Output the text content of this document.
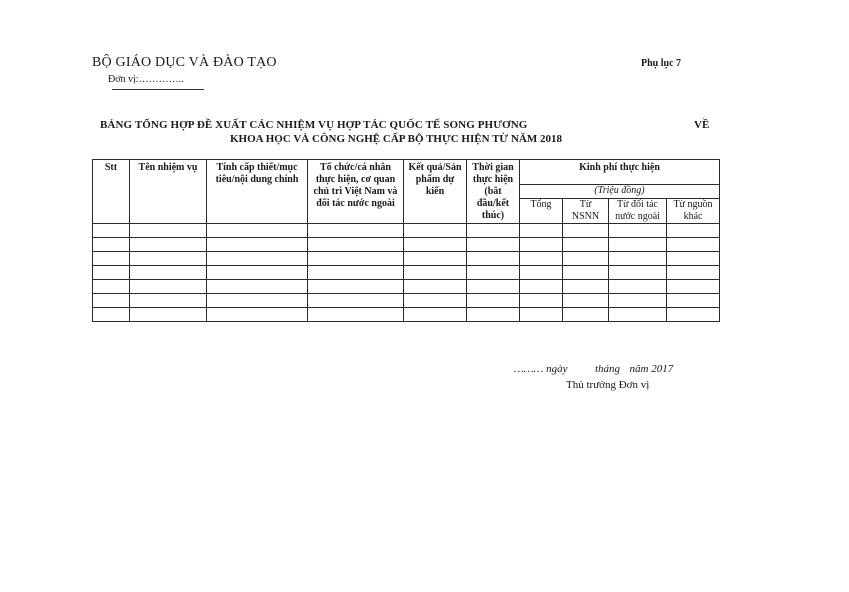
BỘ GIÁO DỤC VÀ ĐÀO TẠO
Đơn vị:…………..
Phụ lục 7
BẢNG TỔNG HỢP ĐỀ XUẤT CÁC NHIỆM VỤ HỢP TÁC QUỐC TẾ SONG PHƯƠNG	VỀ
KHOA HỌC VÀ CÔNG NGHỆ CẤP BỘ THỰC HIỆN TỪ NĂM 2018
Stt	Tên nhiệm vụ	Tính cấp thiết/mục tiêu/nội dung chính	Tổ chức/cá nhân thực hiện, cơ quan chủ trì Việt Nam và đối tác nước ngoài	Kết quả/Sản phẩm dự kiến	Thời gian thực hiện (bắt đầu/kết thúc)	Kinh phí thực hiện			
						(Triệu đồng)			
						Tổng	Từ NSNN	Từ đối tác nước ngoài	Từ nguồn khác

……… ngày	tháng năm 2017
Thủ trưởng Đơn vị
